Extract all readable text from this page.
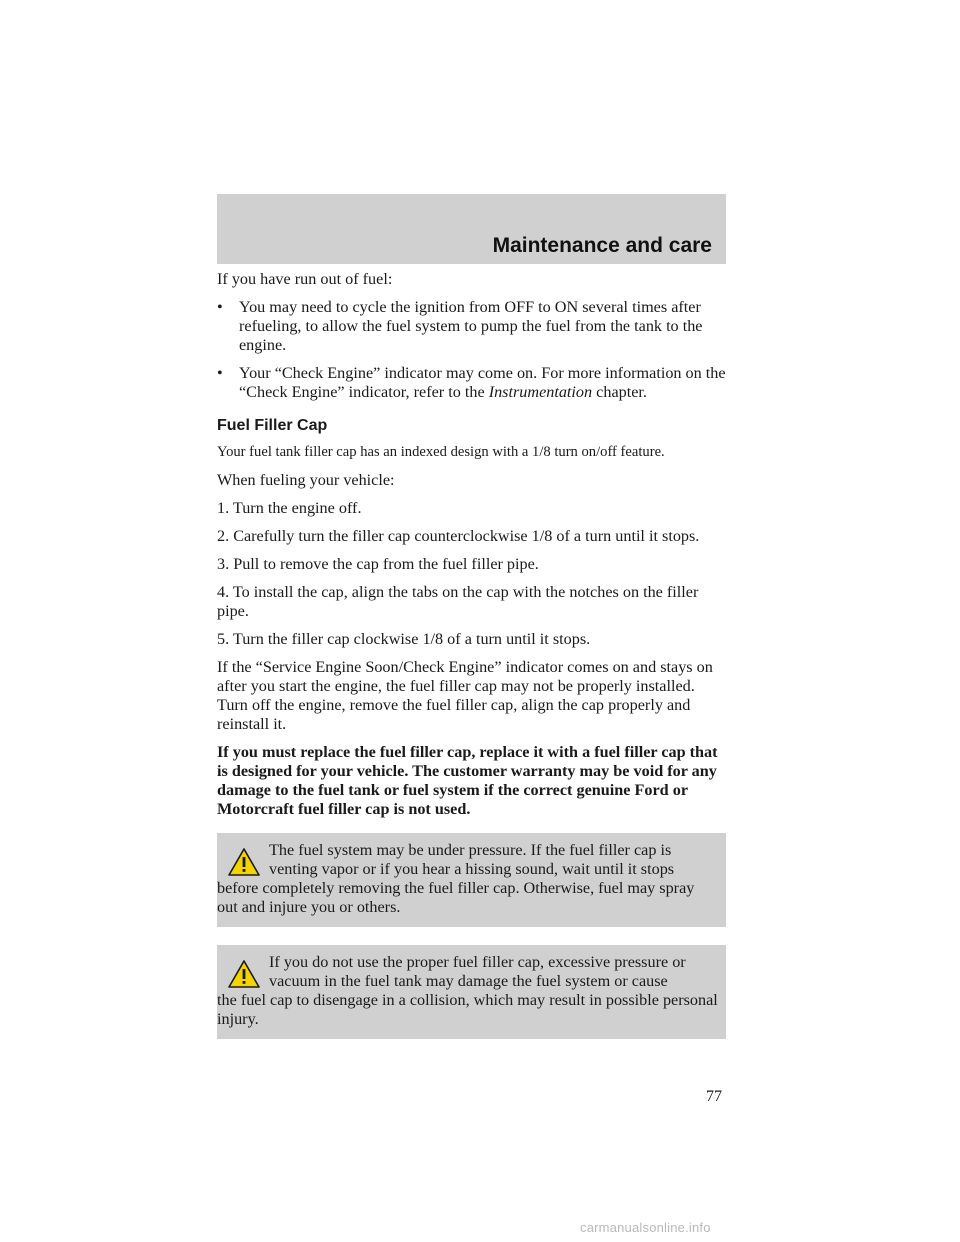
Maintenance and care

If you have run out of fuel:

•	You may need to cycle the ignition from OFF to ON several times after refueling, to allow the fuel system to pump the fuel from the tank to the engine.
•	Your “Check Engine” indicator may come on. For more information on the “Check Engine” indicator, refer to the Instrumentation chapter.
Fuel Filler Cap

Your fuel tank filler cap has an indexed design with a 1/8 turn on/off feature.

When fueling your vehicle:

1. Turn the engine off.

2. Carefully turn the filler cap counterclockwise 1/8 of a turn until it stops.

3. Pull to remove the cap from the fuel filler pipe.

4. To install the cap, align the tabs on the cap with the notches on the filler pipe.

5. Turn the filler cap clockwise 1/8 of a turn until it stops.

If the “Service Engine Soon/Check Engine” indicator comes on and stays on after you start the engine, the fuel filler cap may not be properly installed. Turn off the engine, remove the fuel filler cap, align the cap properly and reinstall it.

If you must replace the fuel filler cap, replace it with a fuel filler cap that is designed for your vehicle. The customer warranty may be void for any damage to the fuel tank or fuel system if the correct genuine Ford or Motorcraft fuel filler cap is not used.

The fuel system may be under pressure. If the fuel filler cap is venting vapor or if you hear a hissing sound, wait until it stops
before completely removing the fuel filler cap. Otherwise, fuel may spray out and injure you or others.
If you do not use the proper fuel filler cap, excessive pressure or vacuum in the fuel tank may damage the fuel system or cause
the fuel cap to disengage in a collision, which may result in possible personal injury.
77
carmanualsonline.info
